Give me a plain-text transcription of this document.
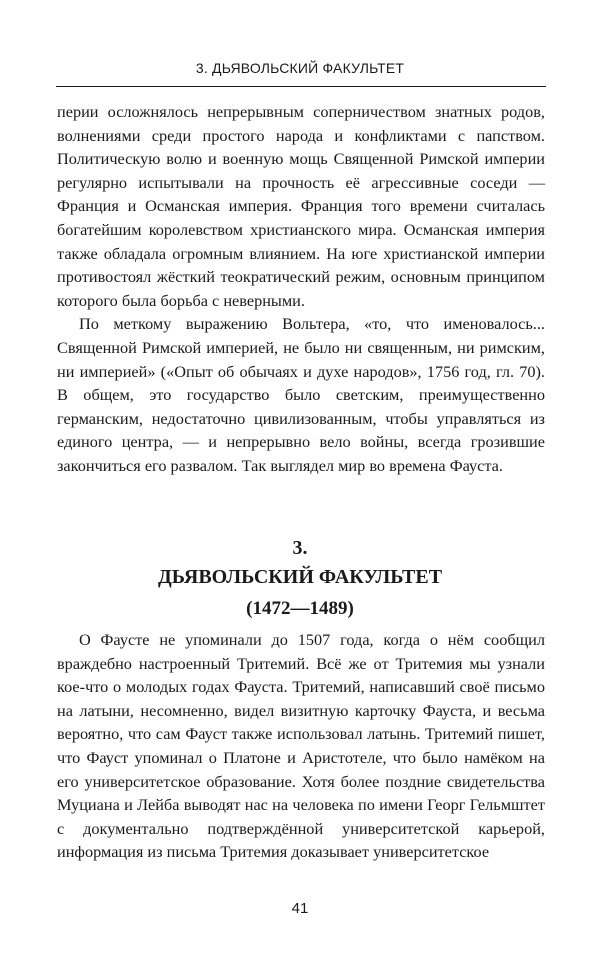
3. ДЬЯВОЛЬСКИЙ ФАКУЛЬТЕТ

перии осложнялось непрерывным соперничеством знатных родов, волнениями среди простого народа и конфликтами с папством. Политическую волю и военную мощь Священной Римской империи регулярно испытывали на прочность её агрессивные соседи — Франция и Османская империя. Франция того времени считалась богатейшим королевством христианского мира. Османская империя также обладала огромным влиянием. На юге христианской империи противостоял жёсткий теократический режим, основным принципом которого была борьба с неверными.

По меткому выражению Вольтера, «то, что именовалось... Священной Римской империей, не было ни священным, ни римским, ни империей» («Опыт об обычаях и духе народов», 1756 год, гл. 70). В общем, это государство было светским, преимущественно германским, недостаточно цивилизованным, чтобы управляться из единого центра, — и непрерывно вело войны, всегда грозившие закончиться его развалом. Так выглядел мир во времена Фауста.

3.
ДЬЯВОЛЬСКИЙ ФАКУЛЬТЕТ
(1472—1489)

О Фаусте не упоминали до 1507 года, когда о нём сообщил враждебно настроенный Тритемий. Всё же от Тритемия мы узнали кое-что о молодых годах Фауста. Тритемий, написавший своё письмо на латыни, несомненно, видел визитную карточку Фауста, и весьма вероятно, что сам Фауст также использовал латынь. Тритемий пишет, что Фауст упоминал о Платоне и Аристотеле, что было намёком на его университетское образование. Хотя более поздние свидетельства Муциана и Лейба выводят нас на человека по имени Георг Гельмштет с документально подтверждённой университетской карьерой, информация из письма Тритемия доказывает университетское

41
